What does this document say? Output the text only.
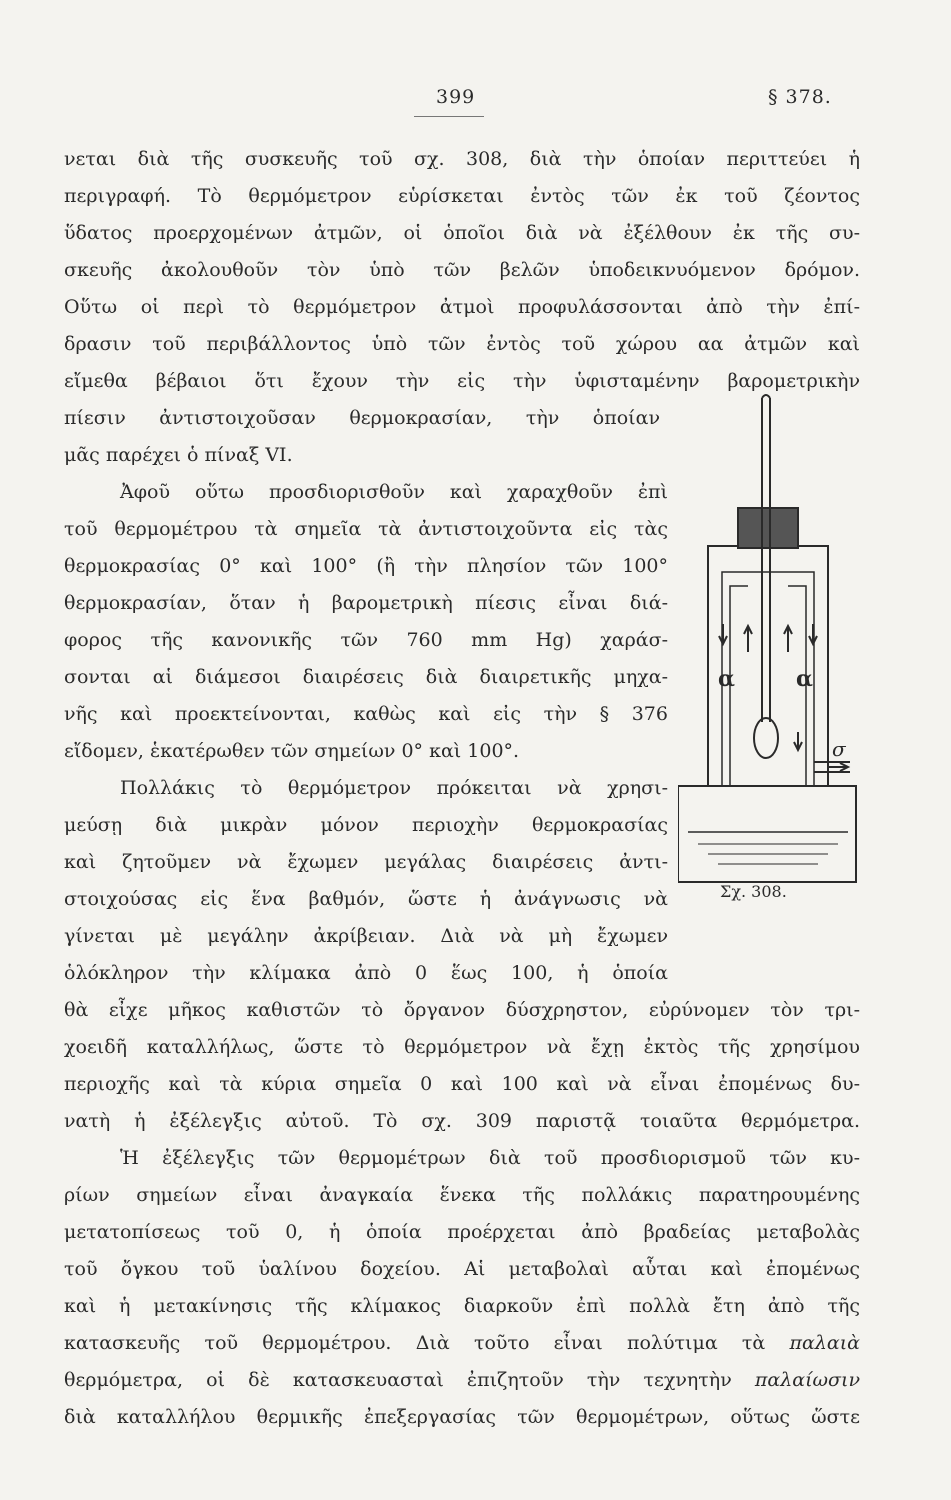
399	§ 378.
νεται διὰ τῆς συσκευῆς τοῦ σχ. 308, διὰ τὴν ὁποίαν περιττεύει ἡ
περιγραφή. Τὸ θερμόμετρον εὑρίσκεται ἐντὸς τῶν ἐκ τοῦ ζέοντος
ὕδατος προερχομένων ἀτμῶν, οἱ ὁποῖοι διὰ νὰ ἐξέλθουν ἐκ τῆς συ-
σκευῆς ἀκολουθοῦν τὸν ὑπὸ τῶν βελῶν ὑποδεικνυόμενον δρόμον.
Οὕτω οἱ περὶ τὸ θερμόμετρον ἀτμοὶ προφυλάσσονται ἀπὸ τὴν ἐπί-
δρασιν τοῦ περιβάλλοντος ὑπὸ τῶν ἐντὸς τοῦ χώρου αα ἀτμῶν καὶ
εἴμεθα βέβαιοι ὅτι ἔχουν τὴν εἰς τὴν ὑφισταμένην βαρομετρικὴν
πίεσιν ἀντιστοιχοῦσαν θερμοκρασίαν, τὴν ὁποίαν
μᾶς παρέχει ὁ πίναξ VI.
Ἀφοῦ οὕτω προσδιορισθοῦν καὶ χαραχθοῦν ἐπὶ
τοῦ θερμομέτρου τὰ σημεῖα τὰ ἀντιστοιχοῦντα εἰς τὰς
θερμοκρασίας 0° καὶ 100° (ἢ τὴν πλησίον τῶν 100°
θερμοκρασίαν, ὅταν ἡ βαρομετρικὴ πίεσις εἶναι διά-
φορος τῆς κανονικῆς τῶν 760 mm Hg) χαράσ-
σονται αἱ διάμεσοι διαιρέσεις διὰ διαιρετικῆς μηχα-
νῆς καὶ προεκτείνονται, καθὼς καὶ εἰς τὴν § 376
εἴδομεν, ἑκατέρωθεν τῶν σημείων 0° καὶ 100°.
Πολλάκις τὸ θερμόμετρον πρόκειται νὰ χρησι-
μεύσῃ διὰ μικρὰν μόνον περιοχὴν θερμοκρασίας
καὶ ζητοῦμεν νὰ ἔχωμεν μεγάλας διαιρέσεις ἀντι-
στοιχούσας εἰς ἕνα βαθμόν, ὥστε ἡ ἀνάγνωσις νὰ
γίνεται μὲ μεγάλην ἀκρίβειαν. Διὰ νὰ μὴ ἔχωμεν
ὁλόκληρον τὴν κλίμακα ἀπὸ 0 ἕως 100, ἡ ὁποία
θὰ εἶχε μῆκος καθιστῶν τὸ ὄργανον δύσχρηστον, εὐρύνομεν τὸν τρι-
χοειδῆ καταλλήλως, ὥστε τὸ θερμόμετρον νὰ ἔχῃ ἐκτὸς τῆς χρησίμου
περιοχῆς καὶ τὰ κύρια σημεῖα 0 καὶ 100 καὶ νὰ εἶναι ἐπομένως δυ-
νατὴ ἡ ἐξέλεγξις αὐτοῦ. Τὸ σχ. 309 παριστᾷ τοιαῦτα θερμόμετρα.
Ἡ ἐξέλεγξις τῶν θερμομέτρων διὰ τοῦ προσδιορισμοῦ τῶν κυ-
ρίων σημείων εἶναι ἀναγκαία ἕνεκα τῆς πολλάκις παρατηρουμένης
μετατοπίσεως τοῦ 0, ἡ ὁποία προέρχεται ἀπὸ βραδείας μεταβολὰς
τοῦ ὄγκου τοῦ ὑαλίνου δοχείου. Αἱ μεταβολαὶ αὗται καὶ ἐπομένως
καὶ ἡ μετακίνησις τῆς κλίμακος διαρκοῦν ἐπὶ πολλὰ ἔτη ἀπὸ τῆς
κατασκευῆς τοῦ θερμομέτρου. Διὰ τοῦτο εἶναι πολύτιμα τὰ παλαιὰ
θερμόμετρα, οἱ δὲ κατασκευασταὶ ἐπιζητοῦν τὴν τεχνητὴν παλαίωσιν
διὰ καταλλήλου θερμικῆς ἐπεξεργασίας τῶν θερμομέτρων, οὕτως ὥστε
α	α
σ
Σχ. 308.
